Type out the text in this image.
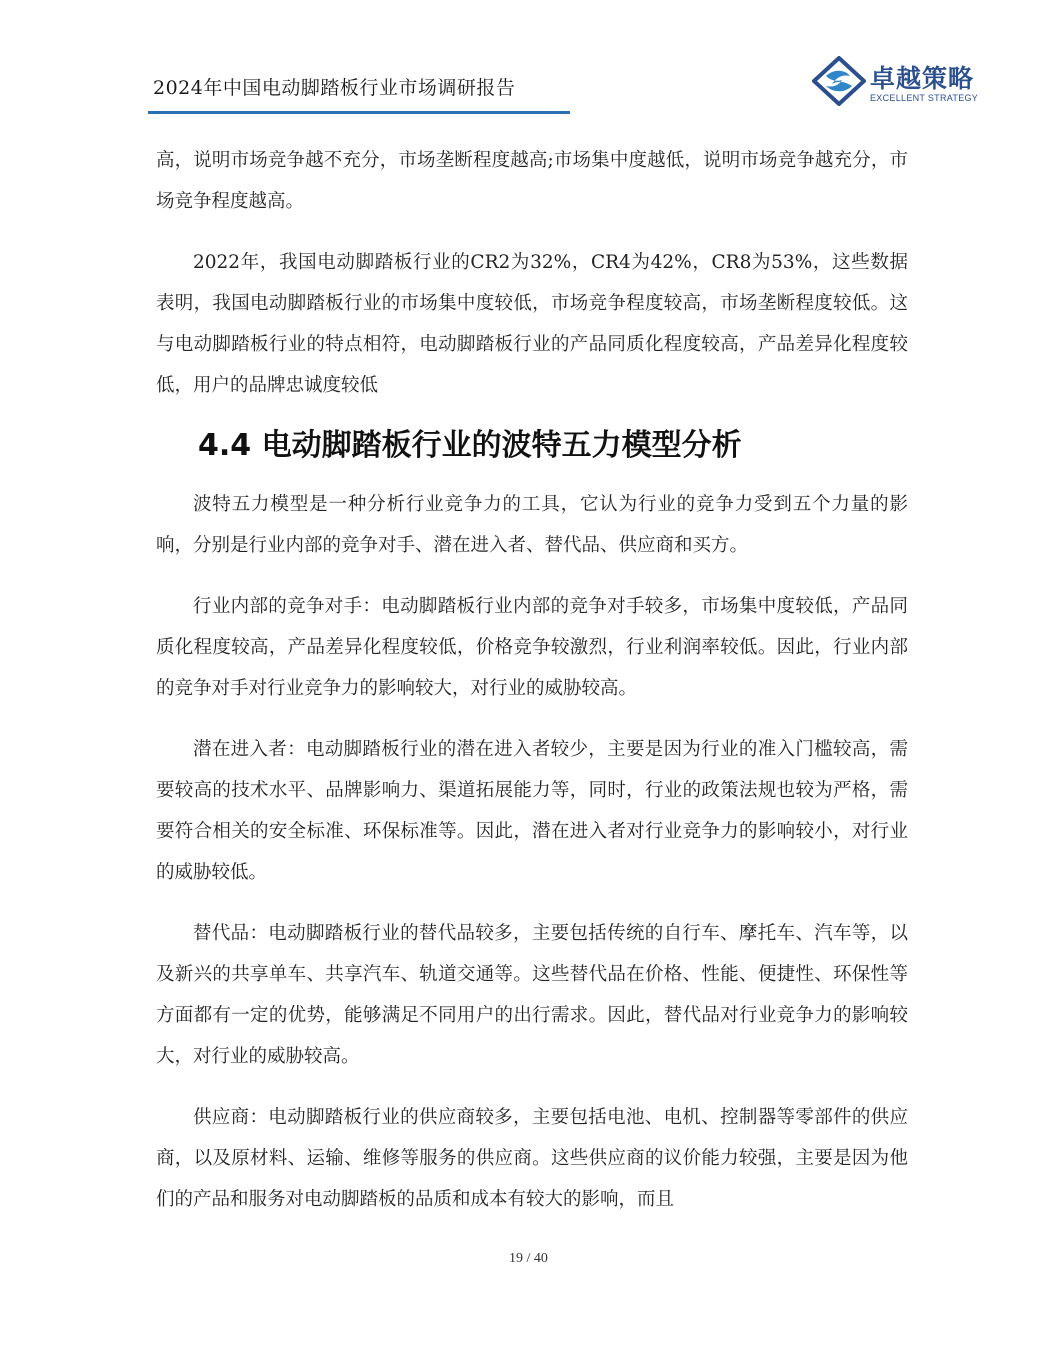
2024年中国电动脚踏板行业市场调研报告	卓越策略
EXCELLENT STRATEGY

高，说明市场竞争越不充分，市场垄断程度越高;市场集中度越低，说明市场竞争越充分，市场竞争程度越高。

2022年，我国电动脚踏板行业的CR2为32%，CR4为42%，CR8为53%，这些数据表明，我国电动脚踏板行业的市场集中度较低，市场竞争程度较高，市场垄断程度较低。这与电动脚踏板行业的特点相符，电动脚踏板行业的产品同质化程度较高，产品差异化程度较低，用户的品牌忠诚度较低

4.4 电动脚踏板行业的波特五力模型分析

波特五力模型是一种分析行业竞争力的工具，它认为行业的竞争力受到五个力量的影响，分别是行业内部的竞争对手、潜在进入者、替代品、供应商和买方。

行业内部的竞争对手：电动脚踏板行业内部的竞争对手较多，市场集中度较低，产品同质化程度较高，产品差异化程度较低，价格竞争较激烈，行业利润率较低。因此，行业内部的竞争对手对行业竞争力的影响较大，对行业的威胁较高。

潜在进入者：电动脚踏板行业的潜在进入者较少，主要是因为行业的准入门槛较高，需要较高的技术水平、品牌影响力、渠道拓展能力等，同时，行业的政策法规也较为严格，需要符合相关的安全标准、环保标准等。因此，潜在进入者对行业竞争力的影响较小，对行业的威胁较低。

替代品：电动脚踏板行业的替代品较多，主要包括传统的自行车、摩托车、汽车等，以及新兴的共享单车、共享汽车、轨道交通等。这些替代品在价格、性能、便捷性、环保性等方面都有一定的优势，能够满足不同用户的出行需求。因此，替代品对行业竞争力的影响较大，对行业的威胁较高。

供应商：电动脚踏板行业的供应商较多，主要包括电池、电机、控制器等零部件的供应商，以及原材料、运输、维修等服务的供应商。这些供应商的议价能力较强，主要是因为他们的产品和服务对电动脚踏板的品质和成本有较大的影响，而且

19 / 40
